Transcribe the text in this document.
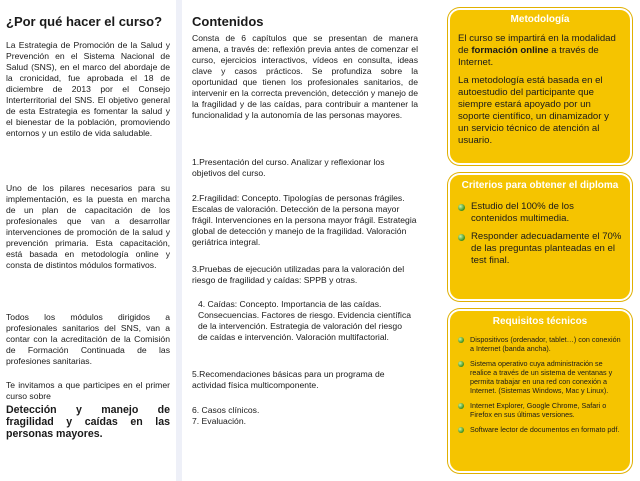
¿Por qué hacer el curso?

La Estrategia de Promoción de la Salud y Prevención en el Sistema Nacional de Salud (SNS), en el marco del abordaje de la cronicidad, fue aprobada el 18 de diciembre de 2013 por el Consejo Interterritorial del SNS. El objetivo general de esta Estrategia es fomentar la salud y el bienestar de la población, promoviendo entornos y un estilo de vida saludable.

Uno de los pilares necesarios para su implementación, es la puesta en marcha de un plan de capacitación de los profesionales que van a desarrollar intervenciones de promoción de la salud y prevención primaria. Esta capacitación, está basada en metodología online y consta de distintos módulos formativos.

Todos los módulos dirigidos a profesionales sanitarios del SNS, van a contar con la acreditación de la Comisión de Formación Continuada de las profesiones sanitarias.

Te invitamos a que participes en el primer curso sobre

Detección y manejo de fragilidad y caídas en las personas mayores.

Contenidos

Consta de 6 capítulos que se presentan de manera amena, a través de: reflexión previa antes de comenzar el curso, ejercicios interactivos, vídeos en consulta, ideas clave y casos prácticos. Se profundiza sobre la oportunidad que tienen los profesionales sanitarios, de intervenir en la correcta prevención, detección y manejo de la fragilidad y de las caídas, para contribuir a mantener la funcionalidad y la autonomía de las personas mayores.

1.Presentación del curso. Analizar y reflexionar los objetivos del curso.

2.Fragilidad: Concepto. Tipologías de personas frágiles. Escalas de valoración. Detección de la persona mayor frágil. Intervenciones en la persona mayor frágil. Estrategia global de detección y manejo de la fragilidad. Valoración geriátrica integral.

3.Pruebas de ejecución utilizadas para la valoración del riesgo de fragilidad y caídas: SPPB y otras.

4. Caídas: Concepto. Importancia de las caídas. Consecuencias. Factores de riesgo. Evidencia científica de la intervención. Estrategia de valoración del riesgo de caídas e intervención. Valoración multifactorial.

5.Recomendaciones básicas para un programa de actividad física multicomponente.

6. Casos clínicos.

7. Evaluación.

Metodología
El curso se impartirá en la modalidad de formación online a través de Internet.
La metodología está basada en el autoestudio del participante que siempre estará apoyado por un soporte científico, un dinamizador y un servicio técnico de atención al usuario.
Criterios para obtener el diploma
Estudio del 100% de los contenidos multimedia.
Responder adecuadamente el 70% de las preguntas planteadas en el test final.
Requisitos técnicos
Dispositivos (ordenador, tablet…) con conexión a Internet (banda ancha).
Sistema operativo cuya administración se realice a través de un sistema de ventanas y permita trabajar en una red con conexión a Internet. (Sistemas Windows, Mac y Linux).
Internet Explorer, Google Chrome, Safari o Firefox en sus últimas versiones.
Software lector de documentos en formato pdf.
